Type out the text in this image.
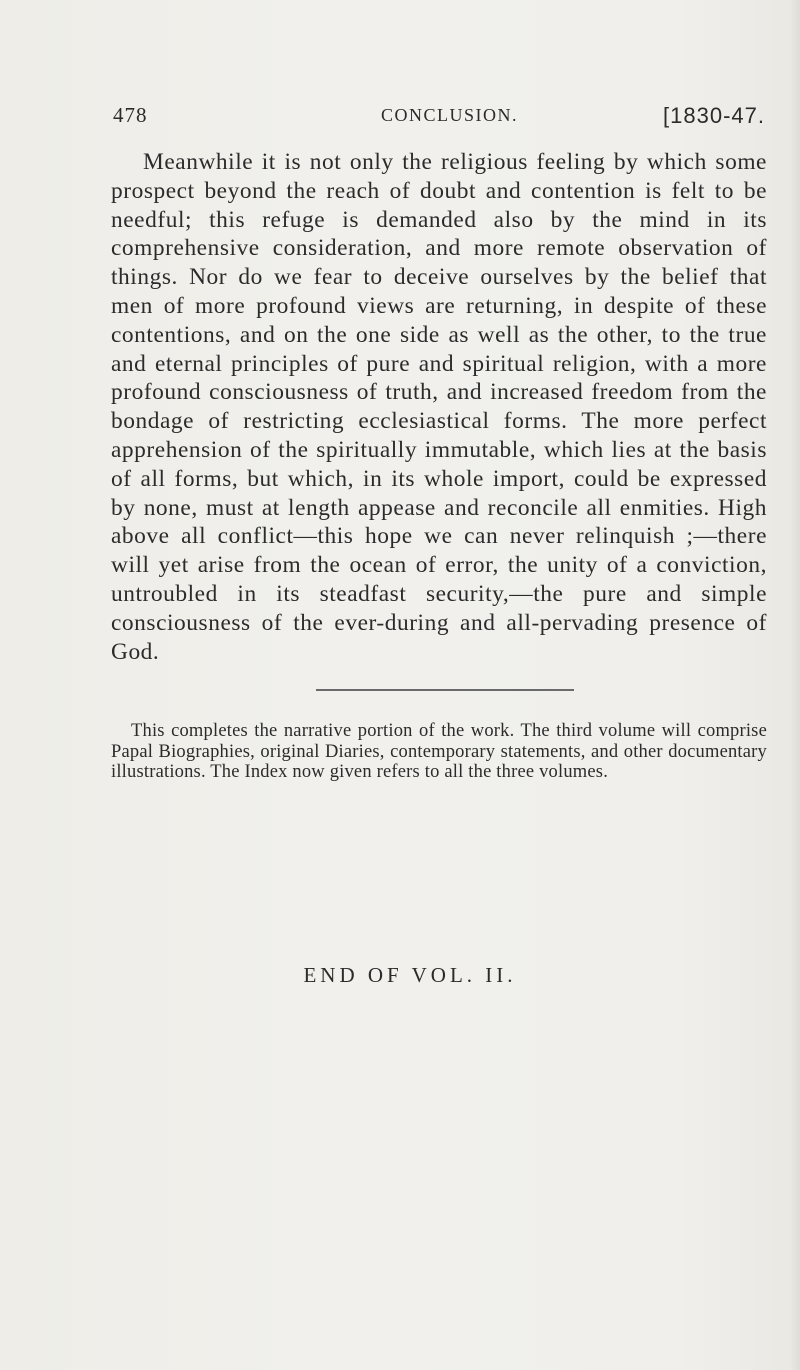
478	CONCLUSION.	[1830-47.

Meanwhile it is not only the religious feeling by which some prospect beyond the reach of doubt and contention is felt to be needful; this refuge is demanded also by the mind in its comprehensive consideration, and more remote observation of things. Nor do we fear to deceive ourselves by the belief that men of more profound views are returning, in despite of these contentions, and on the one side as well as the other, to the true and eternal principles of pure and spiritual religion, with a more profound consciousness of truth, and increased freedom from the bondage of restricting ecclesiastical forms. The more perfect apprehension of the spiritually immutable, which lies at the basis of all forms, but which, in its whole import, could be expressed by none, must at length appease and reconcile all enmities. High above all conflict—this hope we can never relinquish ;—there will yet arise from the ocean of error, the unity of a conviction, untroubled in its steadfast security,—the pure and simple consciousness of the ever-during and all-pervading presence of God.

This completes the narrative portion of the work. The third volume will comprise Papal Biographies, original Diaries, contemporary statements, and other documentary illustrations. The Index now given refers to all the three volumes.

END OF VOL. II.
